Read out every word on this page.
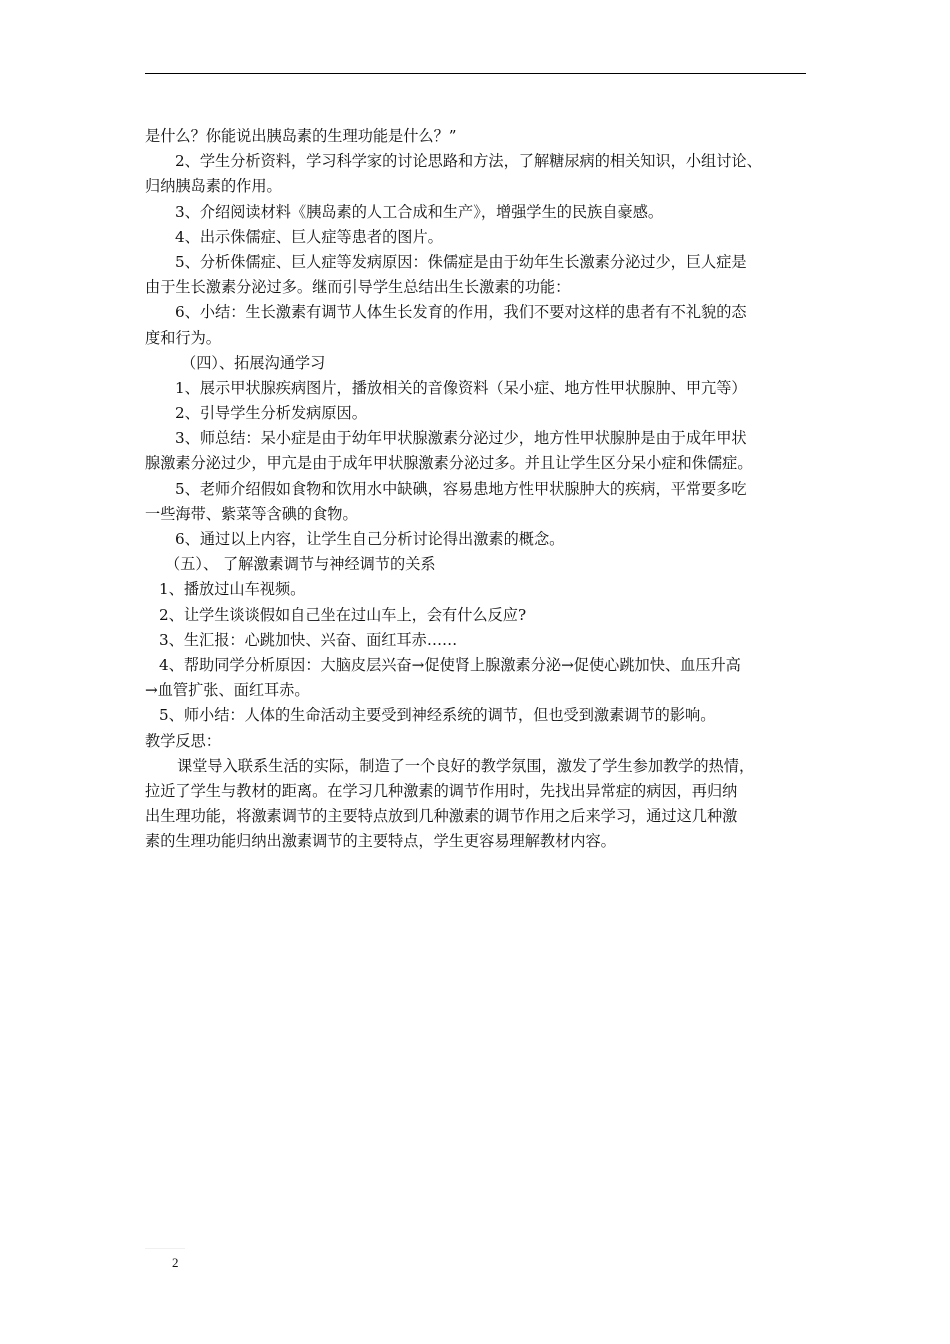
是什么？你能说出胰岛素的生理功能是什么？”
2、学生分析资料，学习科学家的讨论思路和方法，了解糖尿病的相关知识，小组讨论、
归纳胰岛素的作用。
3、介绍阅读材料《胰岛素的人工合成和生产》，增强学生的民族自豪感。
4、出示侏儒症、巨人症等患者的图片。
5、分析侏儒症、巨人症等发病原因：侏儒症是由于幼年生长激素分泌过少，巨人症是
由于生长激素分泌过多。继而引导学生总结出生长激素的功能：
6、小结：生长激素有调节人体生长发育的作用，我们不要对这样的患者有不礼貌的态
度和行为。
（四）、拓展沟通学习
1、展示甲状腺疾病图片，播放相关的音像资料（呆小症、地方性甲状腺肿、甲亢等）
2、引导学生分析发病原因。
3、师总结：呆小症是由于幼年甲状腺激素分泌过少，地方性甲状腺肿是由于成年甲状
腺激素分泌过少，甲亢是由于成年甲状腺激素分泌过多。并且让学生区分呆小症和侏儒症。
5、老师介绍假如食物和饮用水中缺碘，容易患地方性甲状腺肿大的疾病，平常要多吃
一些海带、紫菜等含碘的食物。
6、通过以上内容，让学生自己分析讨论得出激素的概念。
（五）、 了解激素调节与神经调节的关系
1、播放过山车视频。
2、让学生谈谈假如自己坐在过山车上，会有什么反应?
3、生汇报：心跳加快、兴奋、面红耳赤……
4、帮助同学分析原因：大脑皮层兴奋→促使肾上腺激素分泌→促使心跳加快、血压升高
→血管扩张、面红耳赤。
5、师小结：人体的生命活动主要受到神经系统的调节，但也受到激素调节的影响。
教学反思：
课堂导入联系生活的实际，制造了一个良好的教学氛围，激发了学生参加教学的热情，
拉近了学生与教材的距离。在学习几种激素的调节作用时，先找出异常症的病因，再归纳
出生理功能，将激素调节的主要特点放到几种激素的调节作用之后来学习，通过这几种激
素的生理功能归纳出激素调节的主要特点，学生更容易理解教材内容。
2
